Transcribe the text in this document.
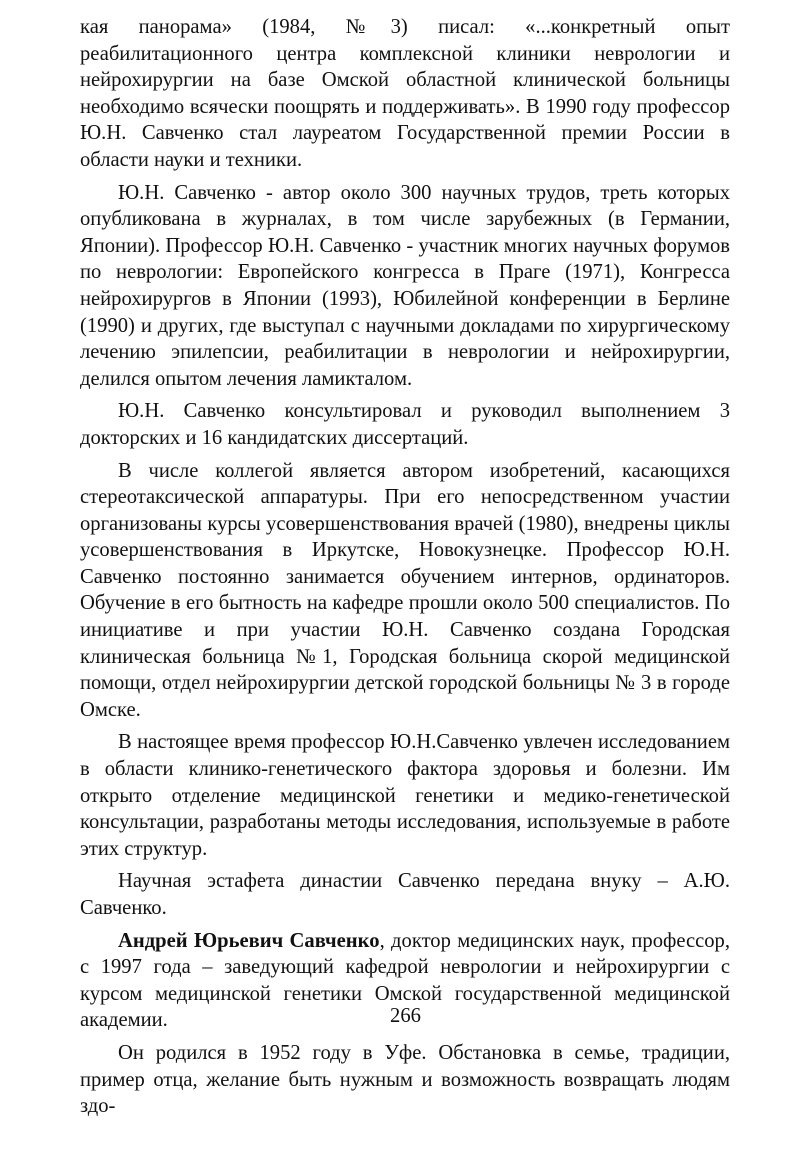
кая панорама» (1984, №3) писал: «...конкретный опыт реабилитационного центра комплексной клиники неврологии и нейрохирургии на базе Омской областной клинической больницы необходимо всячески поощрять и поддерживать». В 1990 году профессор Ю.Н. Савченко стал лауреатом Государственной премии России в области науки и техники.

Ю.Н. Савченко - автор около 300 научных трудов, треть которых опубликована в журналах, в том числе зарубежных (в Германии, Японии). Профессор Ю.Н. Савченко - участник многих научных форумов по неврологии: Европейского конгресса в Праге (1971), Конгресса нейрохирургов в Японии (1993), Юбилейной конференции в Берлине (1990) и других, где выступал с научными докладами по хирургическому лечению эпилепсии, реабилитации в неврологии и нейрохирургии, делился опытом лечения ламикталом.

Ю.Н. Савченко консультировал и руководил выполнением 3 докторских и 16 кандидатских диссертаций.

В числе коллегой является автором изобретений, касающихся стереотаксической аппаратуры. При его непосредственном участии организованы курсы усовершенствования врачей (1980), внедрены циклы усовершенствования в Иркутске, Новокузнецке. Профессор Ю.Н. Савченко постоянно занимается обучением интернов, ординаторов. Обучение в его бытность на кафедре прошли около 500 специалистов. По инициативе и при участии Ю.Н. Савченко создана Городская клиническая больница №1, Городская больница скорой медицинской помощи, отдел нейрохирургии детской городской больницы № 3 в городе Омске.

В настоящее время профессор Ю.Н.Савченко увлечен исследованием в области клинико-генетического фактора здоровья и болезни. Им открыто отделение медицинской генетики и медико-генетической консультации, разработаны методы исследования, используемые в работе этих структур.

Научная эстафета династии Савченко передана внуку – А.Ю. Савченко.

Андрей Юрьевич Савченко, доктор медицинских наук, профессор, с 1997 года – заведующий кафедрой неврологии и нейрохирургии с курсом медицинской генетики Омской государственной медицинской академии.

Он родился в 1952 году в Уфе. Обстановка в семье, традиции, пример отца, желание быть нужным и возможность возвращать людям здо-

266
